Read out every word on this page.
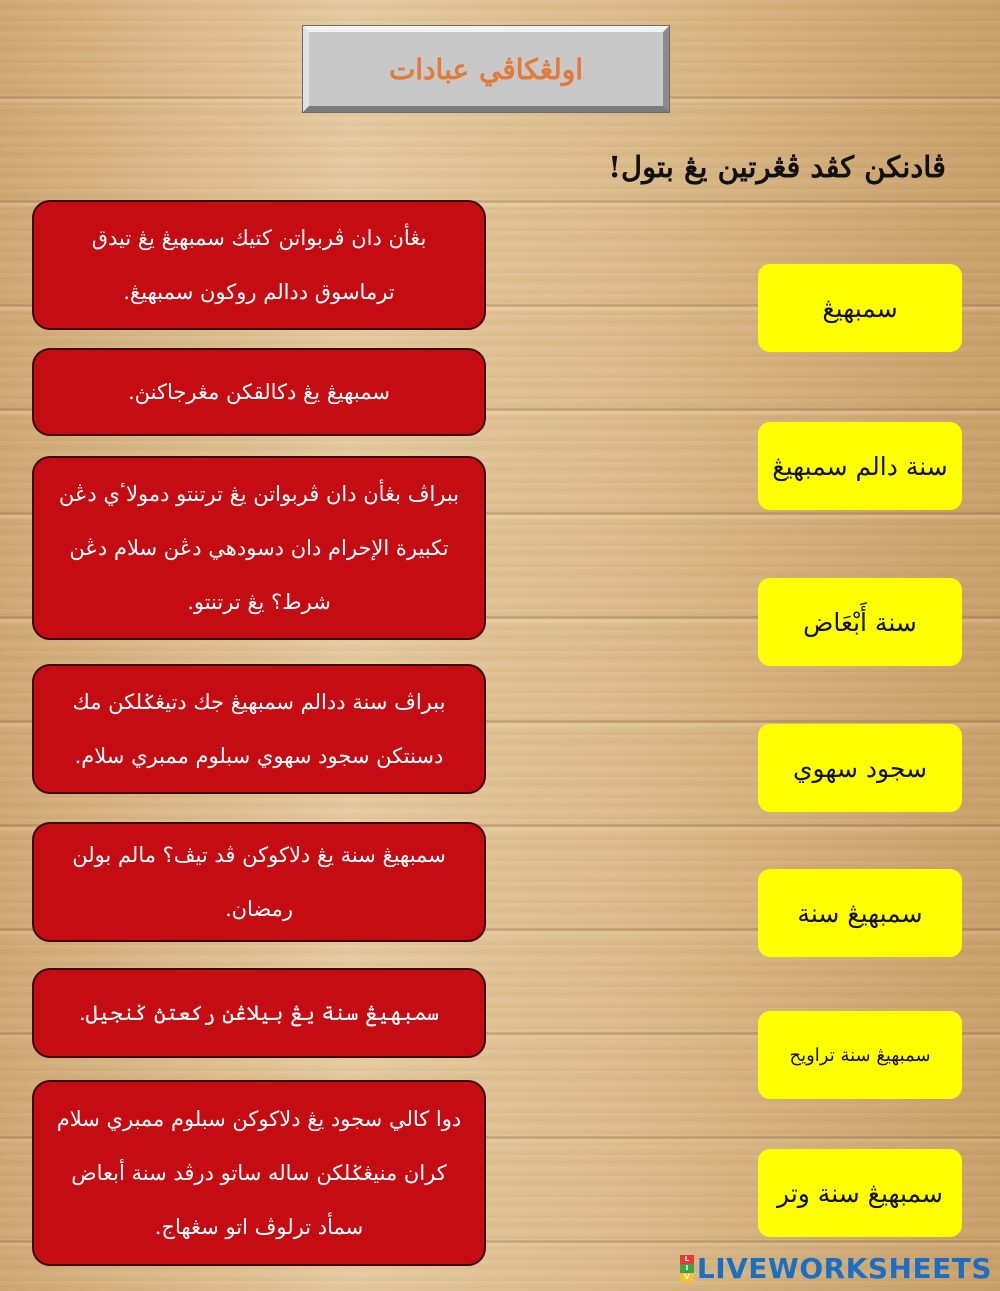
اولڠكاڤي عبادات
ڤادنكن كڤد ڤڠرتين يڠ بتول!
بڠأن دان ڤربواتن كتيك سمبهيڠ يڠ تيدق ترماسوق ددالم روكون سمبهيڠ.
سمبهيڠ يڠ دكالقكن مڠرجاكنڽ.
ببراڤ بڠأن دان ڤربواتن يڠ ترتنتو دمولاٴي دڠن تكبيرة الإحرام دان دسودهي دڠن سلام دڠن شرط؟ يڠ ترتنتو.
ببراڤ سنة ددالم سمبهيڠ جك دتيڠݢلكن مك دسنتكن سجود سهوي سبلوم ممبري سلام.
سمبهيڠ سنة يڠ دلاكوكن ڤد تيڤ؟ مالم بولن رمضان.
سمبهيڠ سنة يڠ بيلاڠن ركعتڽ ݢنجيل.
دوا كالي سجود يڠ دلاكوكن سبلوم ممبري سلام كران منيڠݢلكن ساله ساتو درڤد سنة أبعاض سمأد ترلوڤ اتو سڠهاج.
سمبهيڠ
سنة دالم سمبهيڠ
سنة أَبْعَاض
سجود سهوي
سمبهيڠ سنة
سمبهيڠ سنة تراويح
سمبهيڠ سنة وتر
L
I
V LIVEWORKSHEETS
